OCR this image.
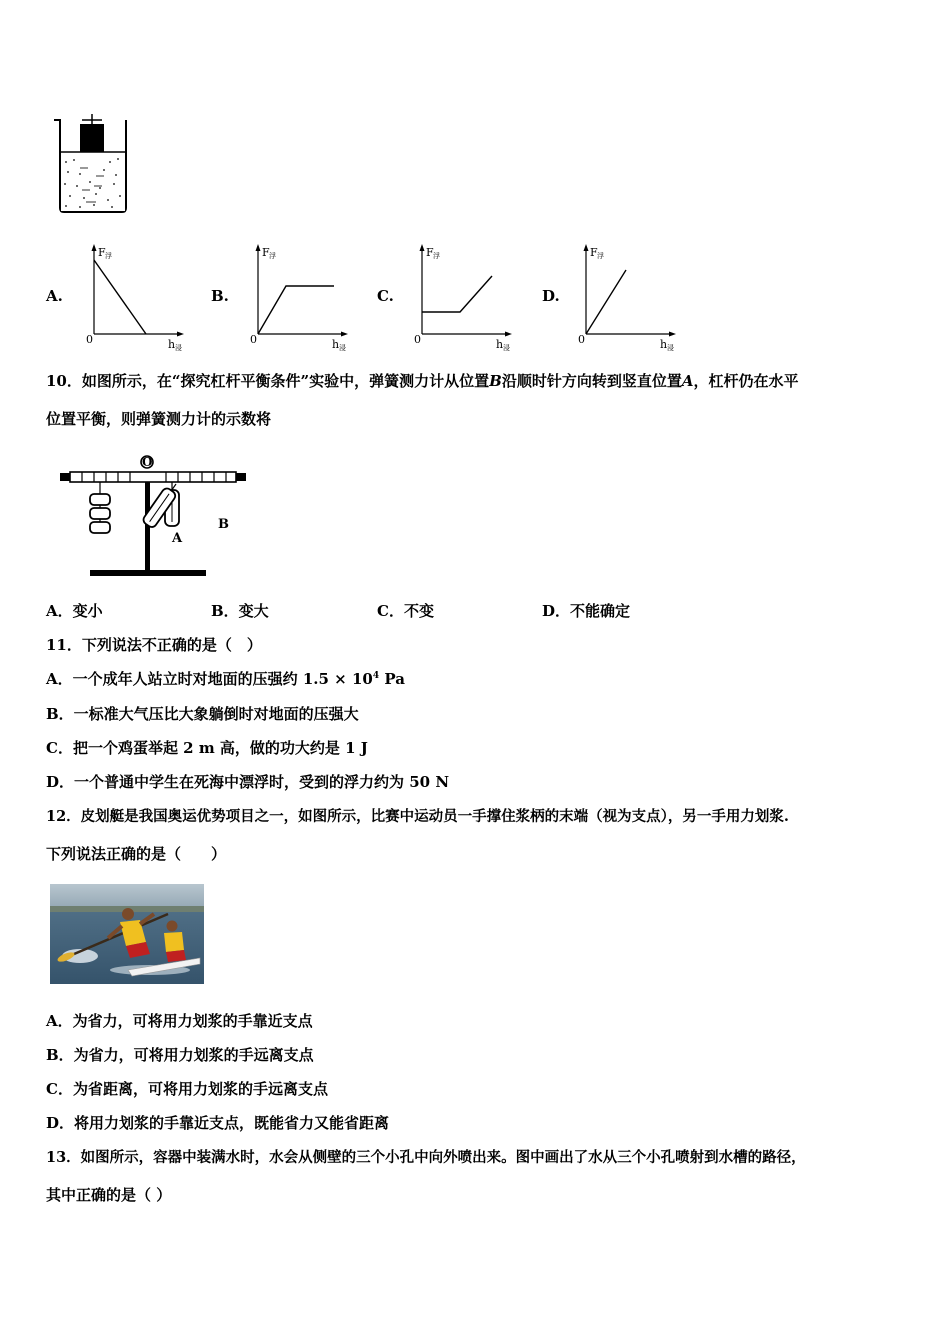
A.	B.	C.	D.
F 浮
0	h 浸
F 浮
0	h 浸
F 浮
0	h 浸
F 浮
0	h 浸
10．如图所示，在“探究杠杆平衡条件”实验中，弹簧测力计从位置B沿顺时针方向转到竖直位置A，杠杆仍在水平
位置平衡，则弹簧测力计的示数将
O
A
B
A．变小	B．变大	C．不变	D．不能确定
11．下列说法不正确的是（　）
A．一个成年人站立时对地面的压强约 $1.5 \times 10^4$ Pa
B．一标准大气压比大象躺倒时对地面的压强大
C．把一个鸡蛋举起 2 m 高，做的功大约是 1 J
D．一个普通中学生在死海中漂浮时，受到的浮力约为 50 N
12．皮划艇是我国奥运优势项目之一，如图所示，比赛中运动员一手撑住浆柄的末端（视为支点），另一手用力划浆.
下列说法正确的是（　　）
A．为省力，可将用力划浆的手靠近支点
B．为省力，可将用力划浆的手远离支点
C．为省距离，可将用力划浆的手远离支点
D．将用力划浆的手靠近支点，既能省力又能省距离
13．如图所示，容器中装满水时，水会从侧壁的三个小孔中向外喷出来。图中画出了水从三个小孔喷射到水槽的路径，
其中正确的是（ ）
